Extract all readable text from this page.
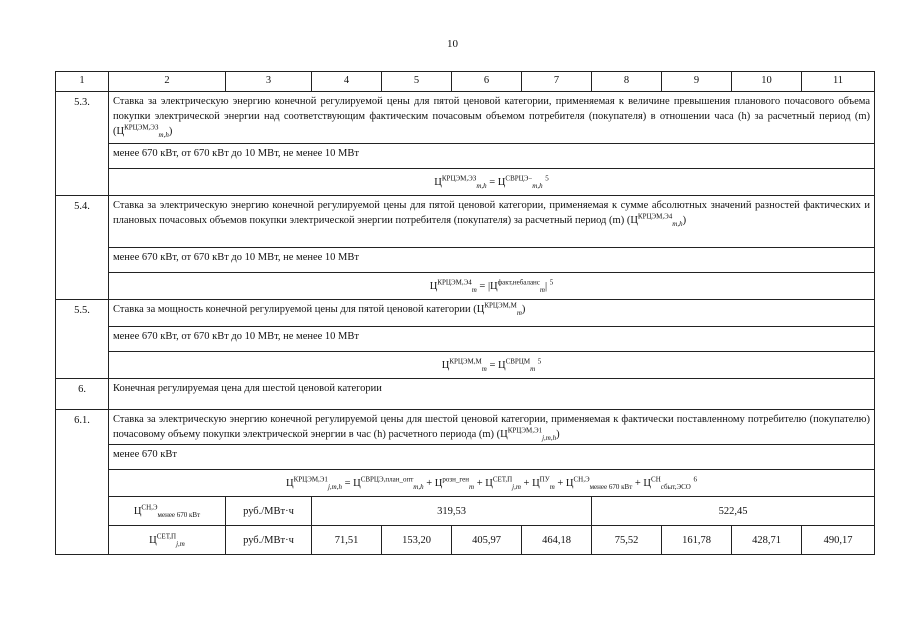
10
1	2	3	4	5	6	7	8	9	10	11
5.3.	Ставка за электрическую энергию конечной регулируемой цены для пятой ценовой категории, применяемая к величине превышения планового почасового объема покупки электрической энергии над соответствующим фактическим почасовым объемом потребителя (покупателя) в отношении часа (h) за расчетный период (m) $(Ц^{КРЦЭМ,ЭЗ}_{m,h})$									
	менее 670 кВт, от 670 кВт до 10 МВт, не менее 10 МВт									
	$Ц^{КРЦЭМ,ЭЗ}_{m,h} = Ц^{СВРЦЭ-}_{m,h}$ $^5$
5.4.	Ставка за электрическую энергию конечной регулируемой цены для пятой ценовой категории, применяемая к сумме абсолютных значений разностей фактических и плановых почасовых объемов покупки электрической энергии потребителя (покупателя) за расчетный период (m) $(Ц^{КРЦЭМ,Э4}_{m,h})$									
	менее 670 кВт, от 670 кВт до 10 МВт, не менее 10 МВт									
	$Ц^{КРЦЭМ,Э4}_m = |Ц^{факт,небаланс}_m|$ $^5$
5.5.	Ставка за мощность конечной регулируемой цены для пятой ценовой категории $(Ц^{КРЦЭМ,М}_m)$									
	менее 670 кВт, от 670 кВт до 10 МВт, не менее 10 МВт									
	$Ц^{КРЦЭМ,М}_m = Ц^{СВРЦМ}_m$ $^5$
6.	Конечная регулируемая цена для шестой ценовой категории									
6.1.	Ставка за электрическую энергию конечной регулируемой цены для шестой ценовой категории, применяемая к фактически поставленному потребителю (покупателю) почасовому объему покупки электрической энергии в час (h) расчетного периода (m) $(Ц^{КРЦЭМ,Э1}_{j,m,h})$									
	менее 670 кВт									
	$Ц^{КРЦЭМ,Э1}_{j,m,h} = Ц^{СВРЦЭ,план\_опт}_{m,h} + Ц^{розн\_ген}_m + Ц^{СЕТ,П}_{j,m} + Ц^{ПУ}_m + Ц^{СН,Э}_{менее 670 кВт} + Ц^{СН}_{сбыт,ЭСО}$ $^6$
	$Ц^{СН,Э}_{менее 670 кВт}$	руб./МВт·ч	319,53				522,45			
	$Ц^{СЕТ,П}_{j,m}$	руб./МВт·ч	71,51	153,20	405,97	464,18	75,52	161,78	428,71	490,17
